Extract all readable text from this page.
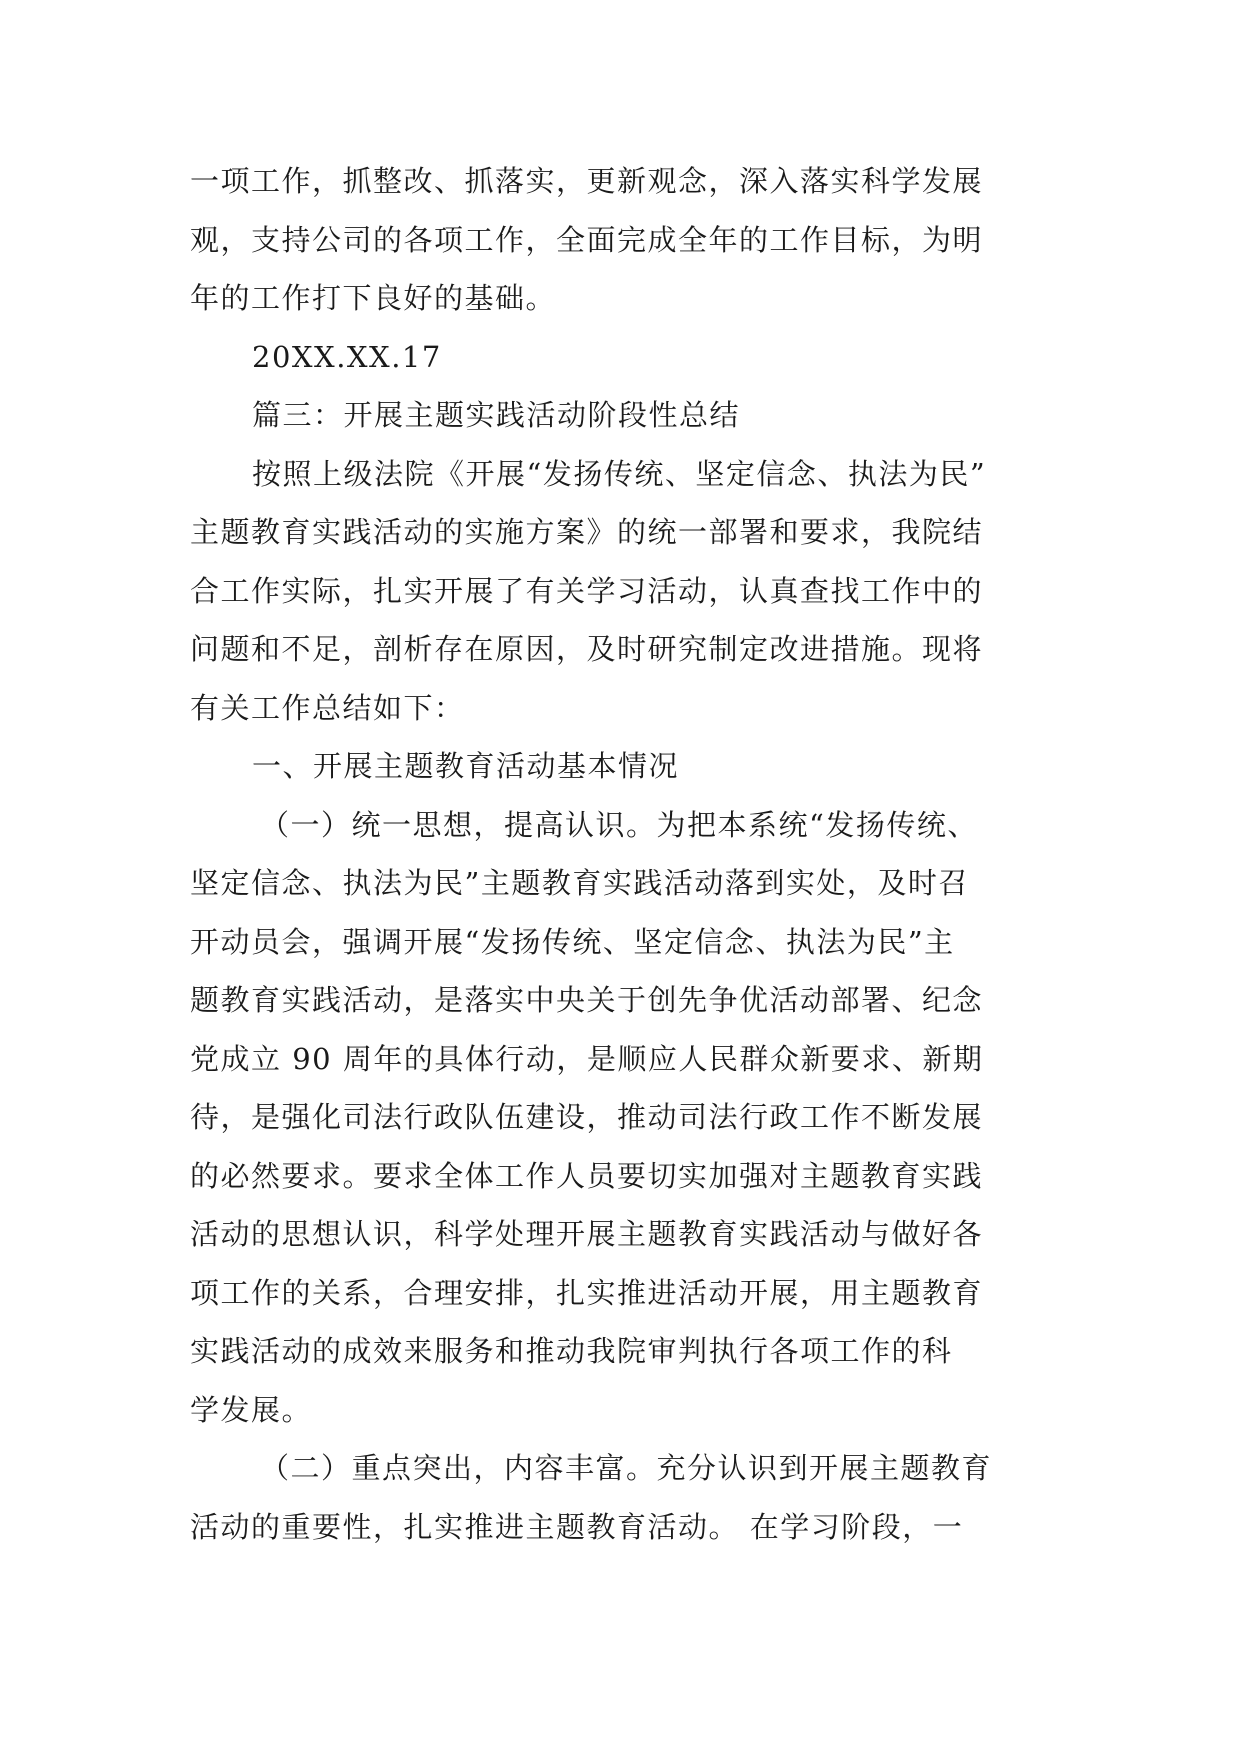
一项工作，抓整改、抓落实，更新观念，深入落实科学发展
观，支持公司的各项工作，全面完成全年的工作目标，为明
年的工作打下良好的基础。
20XX.XX.17
篇三：开展主题实践活动阶段性总结
按照上级法院《开展“发扬传统、坚定信念、执法为民”
主题教育实践活动的实施方案》的统一部署和要求，我院结
合工作实际，扎实开展了有关学习活动，认真查找工作中的
问题和不足，剖析存在原因，及时研究制定改进措施。现将
有关工作总结如下：
一、开展主题教育活动基本情况
（一）统一思想，提高认识。为把本系统“发扬传统、
坚定信念、执法为民”主题教育实践活动落到实处，及时召
开动员会，强调开展“发扬传统、坚定信念、执法为民”主
题教育实践活动，是落实中央关于创先争优活动部署、纪念
党成立 90 周年的具体行动，是顺应人民群众新要求、新期
待，是强化司法行政队伍建设，推动司法行政工作不断发展
的必然要求。要求全体工作人员要切实加强对主题教育实践
活动的思想认识，科学处理开展主题教育实践活动与做好各
项工作的关系，合理安排，扎实推进活动开展，用主题教育
实践活动的成效来服务和推动我院审判执行各项工作的科
学发展。
（二）重点突出，内容丰富。充分认识到开展主题教育
活动的重要性，扎实推进主题教育活动。 在学习阶段，一
